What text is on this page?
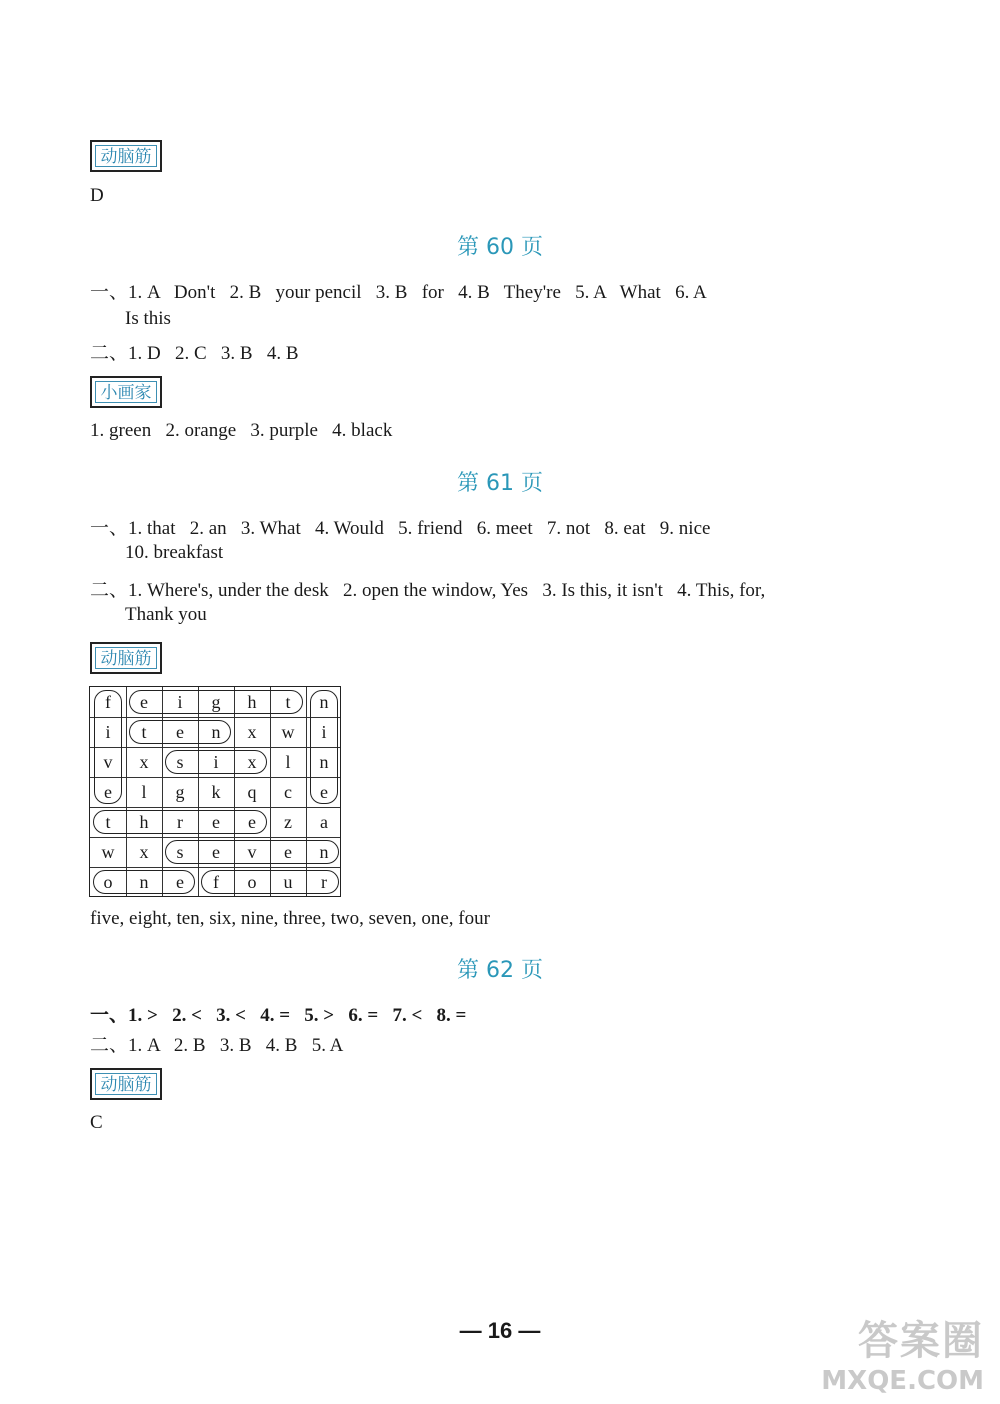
动脑筋
D
第 60 页
一、1. A   Don't   2. B   your pencil   3. B   for   4. B   They're   5. A   What   6. A
Is this
二、1. D   2. C   3. B   4. B
小画家
1. green   2. orange   3. purple   4. black
第 61 页
一、1. that   2. an   3. What   4. Would   5. friend   6. meet   7. not   8. eat   9. nice
10. breakfast
二、1. Where's, under the desk   2. open the window, Yes   3. Is this, it isn't   4. This, for,
Thank you
动脑筋
f	e	i	g	h	t	n
i	t	e	n	x	w	i
v	x	s	i	x	l	n
e	l	g	k	q	c	e
t	h	r	e	e	z	a
w	x	s	e	v	e	n
o	n	e	f	o	u	r
five, eight, ten, six, nine, three, two, seven, one, four
第 62 页
一、1. >   2. <   3. <   4. =   5. >   6. =   7. <   8. =
二、1. A   2. B   3. B   4. B   5. A
动脑筋
C
— 16 —	答案圈
MXQE.COM
